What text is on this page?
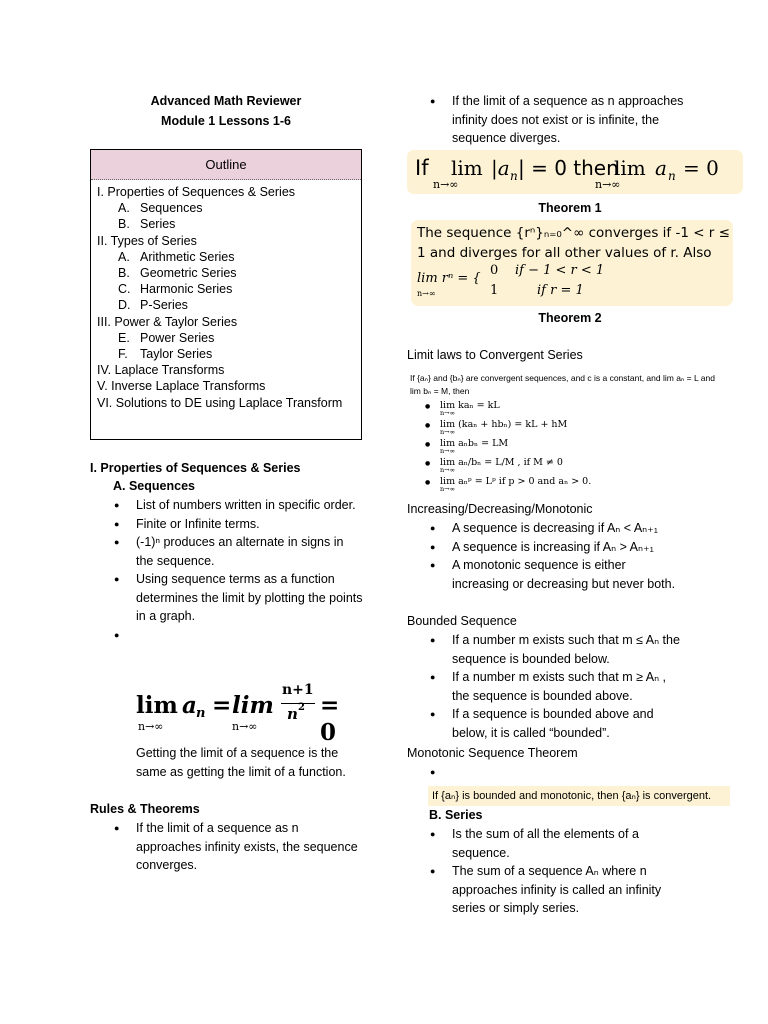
Advanced Math Reviewer
Module 1 Lessons 1-6
Outline
I. Properties of Sequences & Series
A. Sequences
B. Series
II. Types of Series
A. Arithmetic Series
B. Geometric Series
C. Harmonic Series
D. P-Series
III. Power & Taylor Series
E. Power Series
F. Taylor Series
IV. Laplace Transforms
V. Inverse Laplace Transforms
VI. Solutions to DE using Laplace Transform
I. Properties of Sequences & Series
A. Sequences
● List of numbers written in specific order.
● Finite or Infinite terms.
● (-1)ⁿ produces an alternate in signs in the sequence.
● Using sequence terms as a function determines the limit by plotting the points in a graph.
●
lim
n→∞
a n = lim
n→∞
n+1
n 2 = 0
Getting the limit of a sequence is the same as getting the limit of a function.
Rules & Theorems
● If the limit of a sequence as n approaches infinity exists, the sequence converges.
● If the limit of a sequence as n approaches infinity does not exist or is infinite, the sequence diverges.
If lim
n→∞
|a n | = 0 then
lim
n→∞
a n = 0
Theorem 1
The sequence {rⁿ}ₙ₌₀^∞ converges if -1 < r ≤
1 and diverges for all other values of r. Also
lim rⁿ = {
n→∞
0 if − 1 < r < 1
1	if r = 1
Theorem 2
Limit laws to Convergent Series
If {aₙ} and {bₙ} are convergent sequences, and c is a constant, and lim aₙ = L and
lim bₙ = M, then
● lim kaₙ = kL
n→∞
● lim (kaₙ + hbₙ) = kL + hM
n→∞
● lim aₙbₙ = LM
n→∞
● lim aₙ/bₙ = L/M , if M ≠ 0
n→∞
● lim aₙᵖ = Lᵖ if p > 0 and aₙ > 0.
n→∞
Increasing/Decreasing/Monotonic
● A sequence is decreasing if Aₙ < Aₙ₊₁
● A sequence is increasing if Aₙ > Aₙ₊₁
● A monotonic sequence is either increasing or decreasing but never both.
Bounded Sequence
● If a number m exists such that m ≤ Aₙ the sequence is bounded below.
● If a number m exists such that m ≥ Aₙ , the sequence is bounded above.
● If a sequence is bounded above and below, it is called “bounded”.
Monotonic Sequence Theorem
●
If {aₙ} is bounded and monotonic, then {aₙ} is convergent.
B. Series
● Is the sum of all the elements of a sequence.
● The sum of a sequence Aₙ where n approaches infinity is called an infinity series or simply series.
